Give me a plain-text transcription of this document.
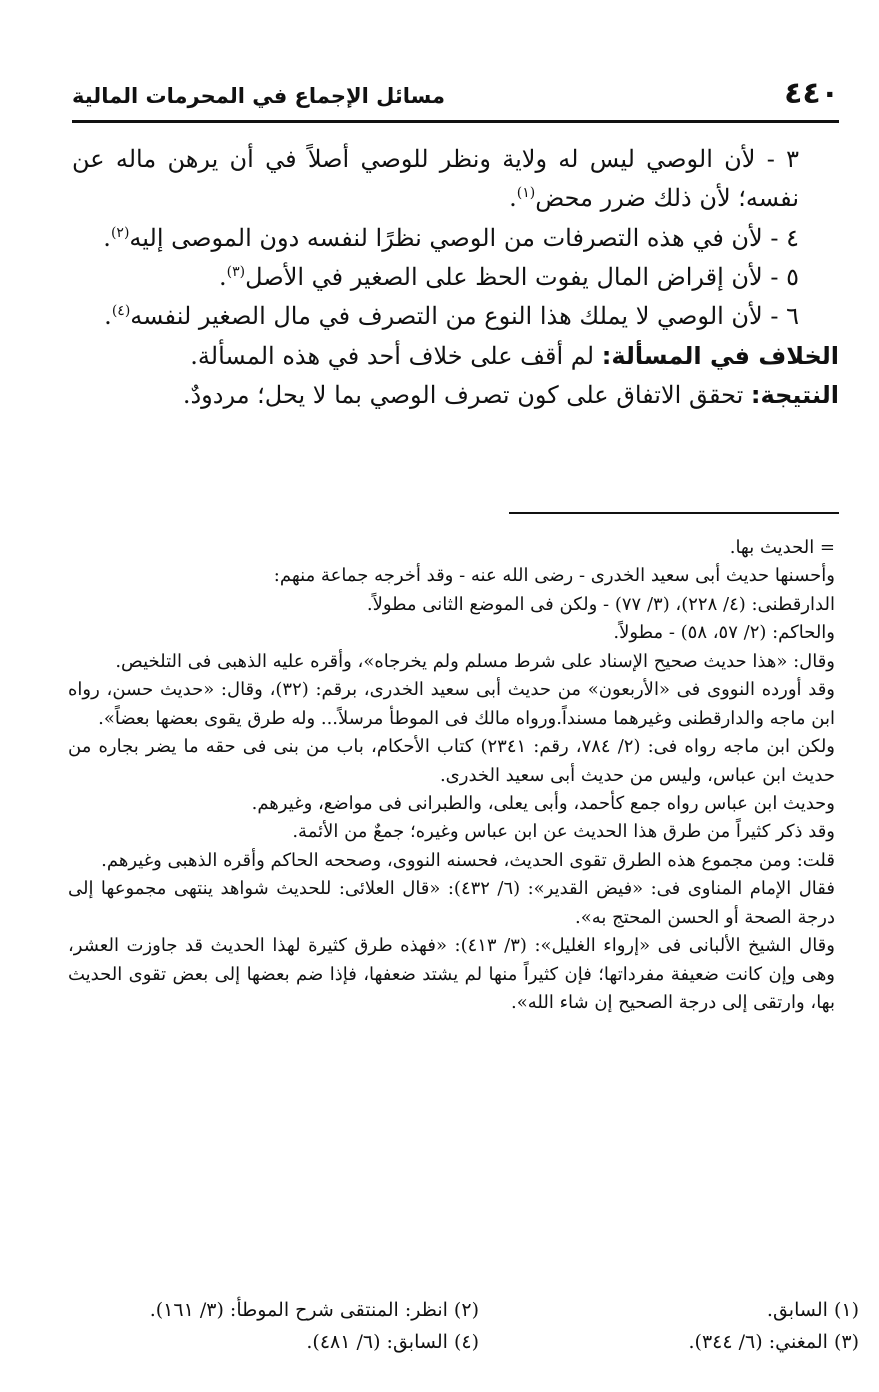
٤٤٠
مسائل الإجماع في المحرمات المالية

٣ - لأن الوصي ليس له ولاية ونظر للوصي أصلاً في أن يرهن ماله عن نفسه؛ لأن ذلك ضرر محض$^{(١)}$.

٤ - لأن في هذه التصرفات من الوصي نظرًا لنفسه دون الموصى إليه$^{(٢)}$.

٥ - لأن إقراض المال يفوت الحظ على الصغير في الأصل$^{(٣)}$.

٦ - لأن الوصي لا يملك هذا النوع من التصرف في مال الصغير لنفسه$^{(٤)}$.

الخلاف في المسألة: لم أقف على خلاف أحد في هذه المسألة.

النتيجة: تحقق الاتفاق على كون تصرف الوصي بما لا يحل؛ مردودٌ.

= الحديث بها.

وأحسنها حديث أبى سعيد الخدرى - رضى الله عنه - وقد أخرجه جماعة منهم:

الدارقطنى: (٤/ ٢٢٨)، (٣/ ٧٧) - ولكن فى الموضع الثانى مطولاً.

والحاكم: (٢/ ٥٧، ٥٨) - مطولاً.

وقال: «هذا حديث صحيح الإسناد على شرط مسلم ولم يخرجاه»، وأقره عليه الذهبى فى التلخيص.

وقد أورده النووى فى «الأربعون» من حديث أبى سعيد الخدرى، برقم: (٣٢)، وقال: «حديث حسن، رواه ابن ماجه والدارقطنى وغيرهما مسنداً.ورواه مالك فى الموطأ مرسلاً... وله طرق يقوى بعضها بعضاً».

ولكن ابن ماجه رواه فى: (٢/ ٧٨٤، رقم: ٢٣٤١) كتاب الأحكام، باب من بنى فى حقه ما يضر بجاره من حديث ابن عباس، وليس من حديث أبى سعيد الخدرى.

وحديث ابن عباس رواه جمع كأحمد، وأبى يعلى، والطبرانى فى مواضع، وغيرهم.

وقد ذكر كثيراً من طرق هذا الحديث عن ابن عباس وغيره؛ جمعٌ من الأئمة.

قلت: ومن مجموع هذه الطرق تقوى الحديث، فحسنه النووى، وصححه الحاكم وأقره الذهبى وغيرهم.

فقال الإمام المناوى فى: «فيض القدير»: (٦/ ٤٣٢): «قال العلائى: للحديث شواهد ينتهى مجموعها إلى درجة الصحة أو الحسن المحتج به».

وقال الشيخ الألبانى فى «إرواء الغليل»: (٣/ ٤١٣): «فهذه طرق كثيرة لهذا الحديث قد جاوزت العشر، وهى وإن كانت ضعيفة مفرداتها؛ فإن كثيراً منها لم يشتد ضعفها، فإذا ضم بعضها إلى بعض تقوى الحديث بها، وارتقى إلى درجة الصحيح إن شاء الله».

(١) السابق.
(٢) انظر: المنتقى شرح الموطأ: (٣/ ١٦١).
(٣) المغني: (٦/ ٣٤٤).
(٤) السابق: (٦/ ٤٨١).
